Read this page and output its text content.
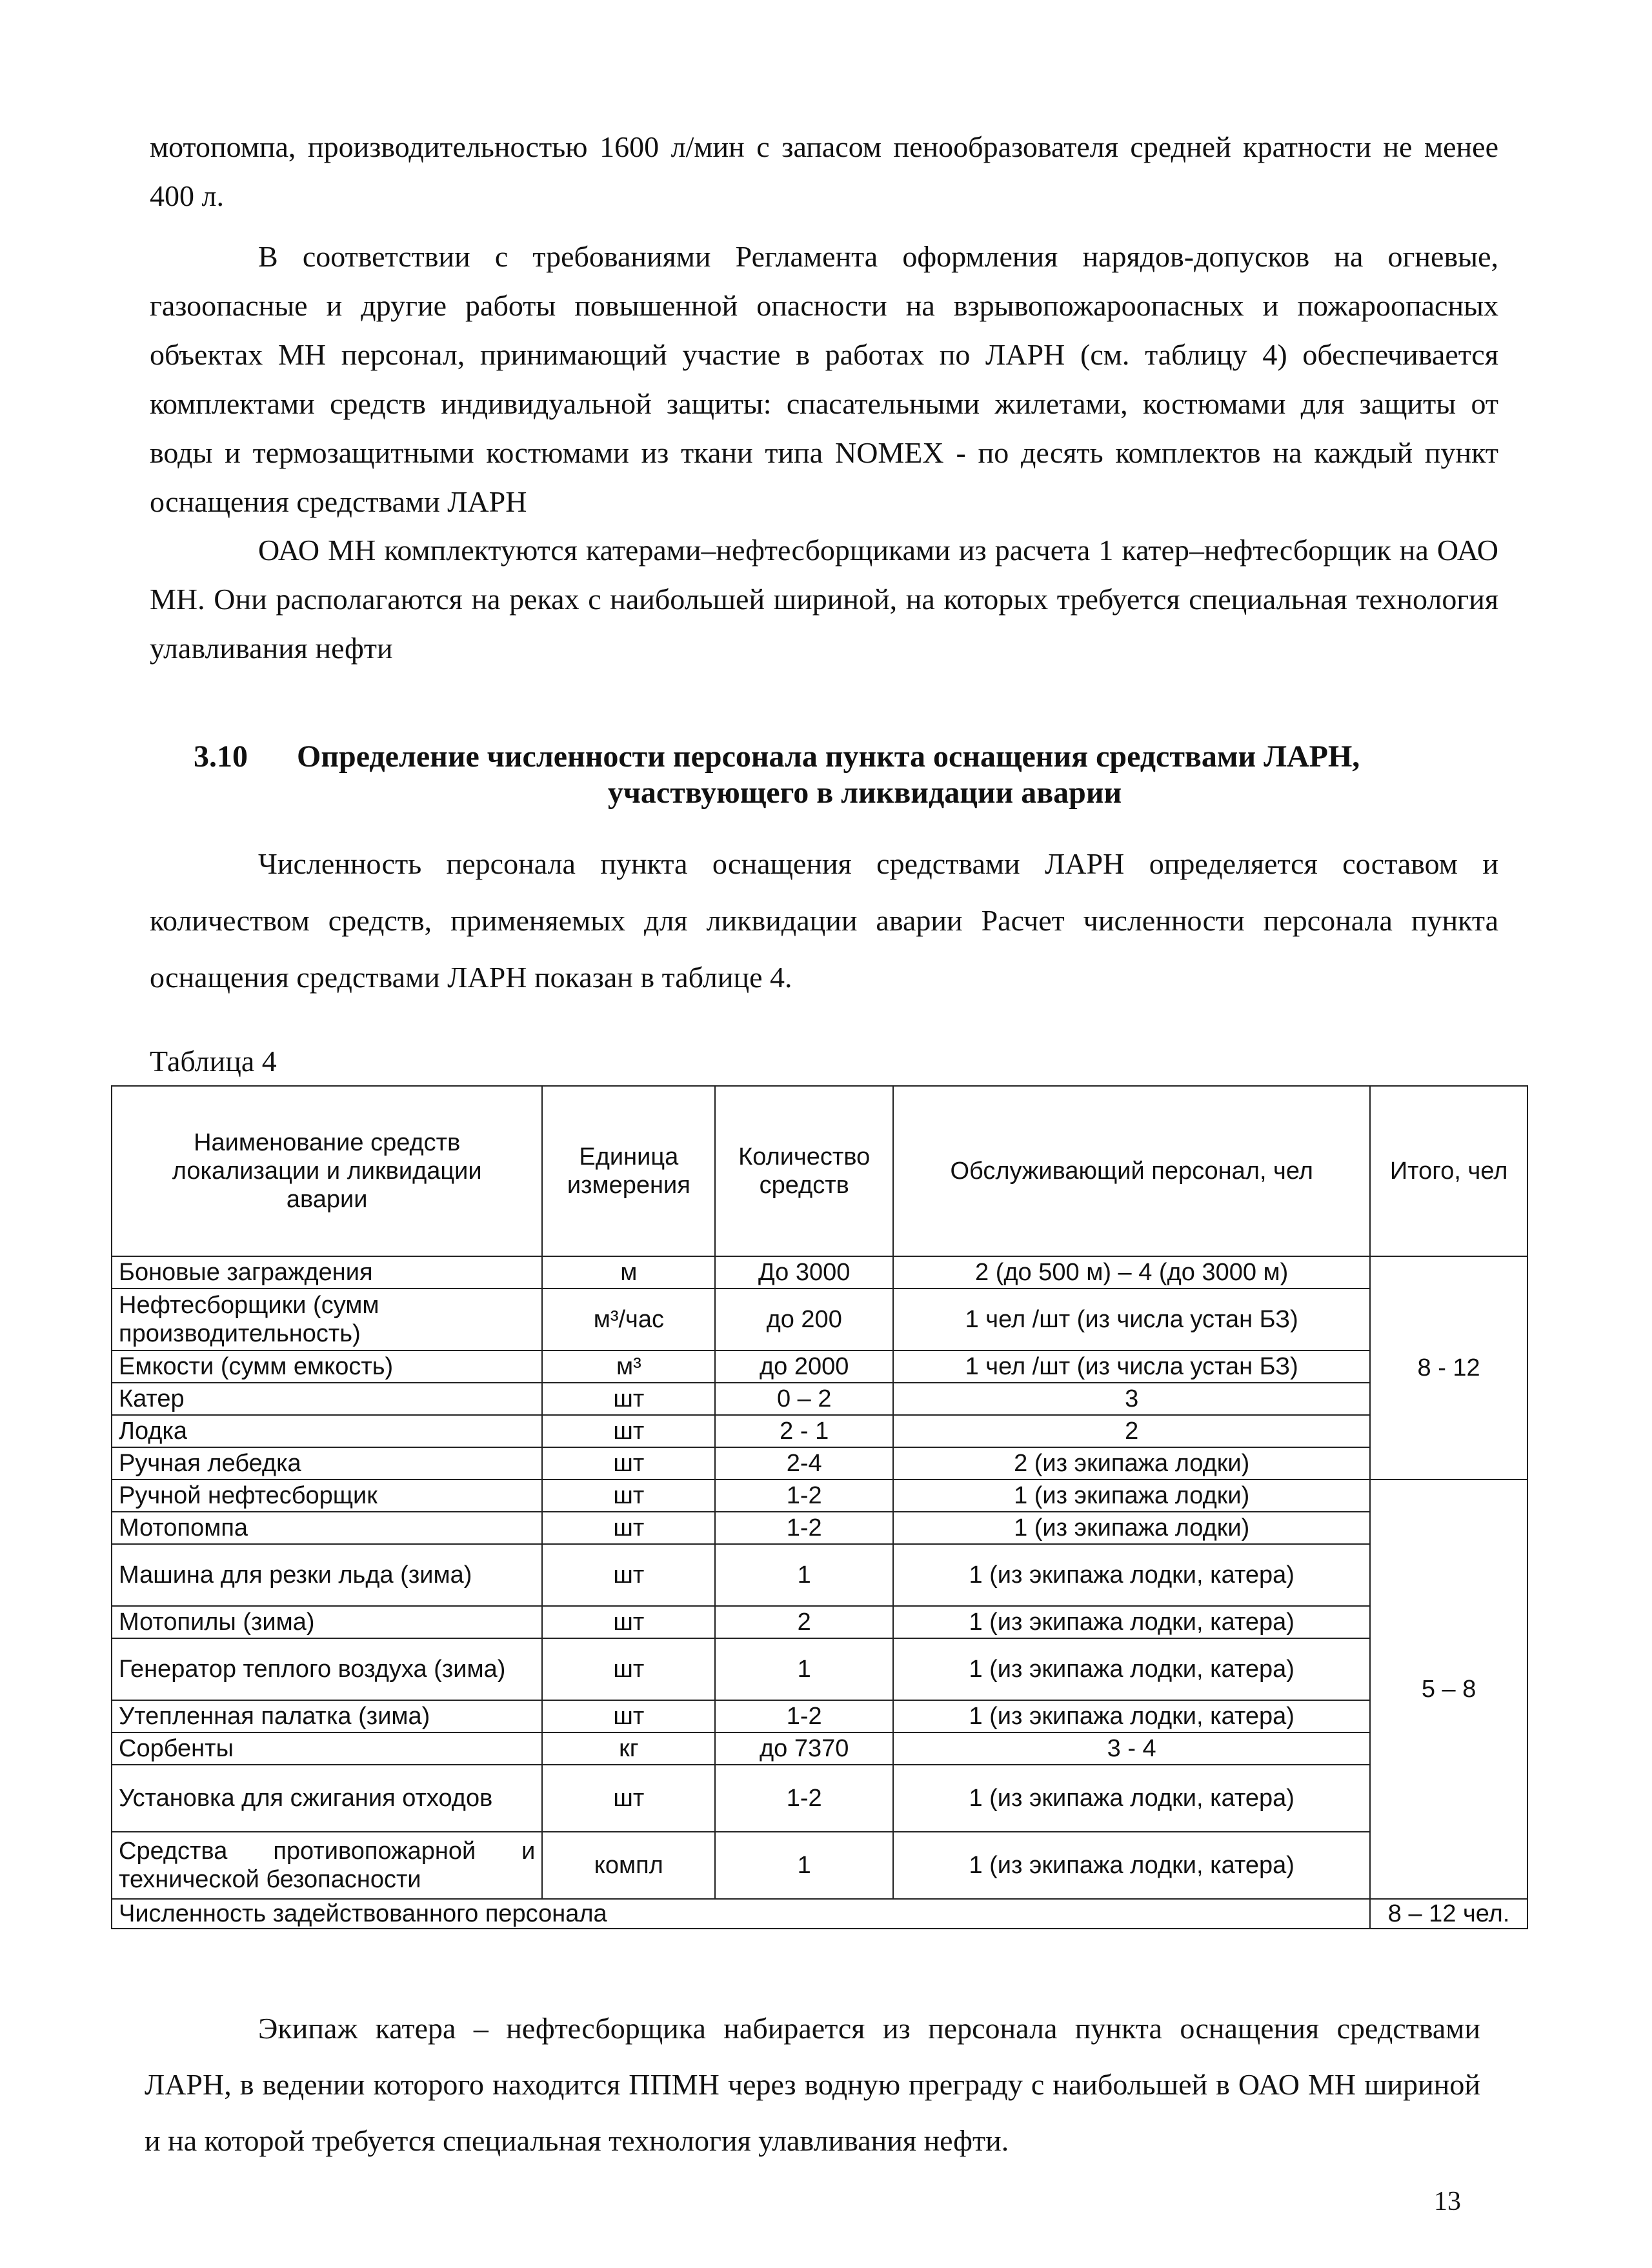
мотопомпа, производительностью 1600 л/мин с запасом пенообразователя средней кратности не менее 400 л.
В соответствии с требованиями Регламента оформления нарядов-допусков на огневые, газоопасные и другие работы повышенной опасности на взрывопожароопасных и пожароопасных объектах МН персонал, принимающий участие в работах по ЛАРН (см. таблицу 4) обеспечивается комплектами средств индивидуальной защиты: спасательными жилетами, костюмами для защиты от воды и термозащитными костюмами из ткани типа NOMEX - по десять комплектов на каждый пункт оснащения средствами ЛАРН
ОАО МН комплектуются катерами–нефтесборщиками из расчета 1 катер–нефтесборщик на ОАО МН. Они располагаются на реках с наибольшей шириной, на которых требуется специальная технология улавливания нефти
3.10 Определение численности персонала пункта оснащения средствами ЛАРН,
участвующего в ликвидации аварии
Численность персонала пункта оснащения средствами ЛАРН определяется составом и количеством средств, применяемых для ликвидации аварии Расчет численности персонала пункта оснащения средствами ЛАРН показан в таблице 4.
Таблица 4
Наименование средств локализации и ликвидации аварии	Единица измерения	Количество средств	Обслуживающий персонал, чел	Итого, чел
Боновые заграждения	м	До 3000	2 (до 500 м) – 4 (до 3000 м)	8 - 12
Нефтесборщики (сумм производительность)	м³/час	до 200	1 чел /шт (из числа устан БЗ)	
Емкости (сумм емкость)	м³	до 2000	1 чел /шт (из числа устан БЗ)	
Катер	шт	0 – 2	3	
Лодка	шт	2 - 1	2	
Ручная лебедка	шт	2-4	2 (из экипажа лодки)	
Ручной нефтесборщик	шт	1-2	1 (из экипажа лодки)	5 – 8
Мотопомпа	шт	1-2	1 (из экипажа лодки)	
Машина для резки льда (зима)	шт	1	1 (из экипажа лодки, катера)	
Мотопилы (зима)	шт	2	1 (из экипажа лодки, катера)	
Генератор теплого воздуха (зима)	шт	1	1 (из экипажа лодки, катера)	
Утепленная палатка (зима)	шт	1-2	1 (из экипажа лодки, катера)	
Сорбенты	кг	до 7370	3 - 4	
Установка для сжигания отходов	шт	1-2	1 (из экипажа лодки, катера)	
Средства противопожарной и технической безопасности	компл	1	1 (из экипажа лодки, катера)	
Численность задействованного персонала				8 – 12 чел.
Экипаж катера – нефтесборщика набирается из персонала пункта оснащения средствами ЛАРН, в ведении которого находится ППМН через водную преграду с наибольшей в ОАО МН шириной и на которой требуется специальная технология улавливания нефти.
13
